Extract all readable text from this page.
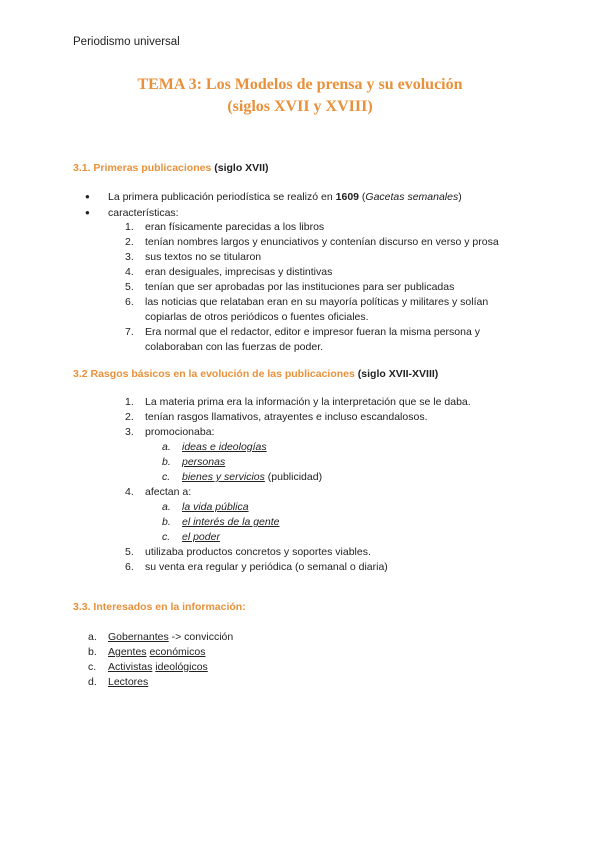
Periodismo universal
TEMA 3: Los Modelos de prensa y su evolución
(siglos XVII y XVIII)
3.1. Primeras publicaciones (siglo XVII)
● La primera publicación periodística se realizó en 1609 (Gacetas semanales)
● características:
1. eran físicamente parecidas a los libros
2. tenían nombres largos y enunciativos y contenían discurso en verso y prosa
3. sus textos no se titularon
4. eran desiguales, imprecisas y distintivas
5. tenían que ser aprobadas por las instituciones para ser publicadas
6. las noticias que relataban eran en su mayoría políticas y militares y solían
copiarlas de otros periódicos o fuentes oficiales.
7. Era normal que el redactor, editor e impresor fueran la misma persona y
colaboraban con las fuerzas de poder.
3.2 Rasgos básicos en la evolución de las publicaciones (siglo XVII-XVIII)
1. La materia prima era la información y la interpretación que se le daba.
2. tenían rasgos llamativos, atrayentes e incluso escandalosos.
3. promocionaba:
a. ideas e ideologías
b. personas
c. bienes y servicios (publicidad)
4. afectan a:
a. la vida pública
b. el interés de la gente
c. el poder
5. utilizaba productos concretos y soportes viables.
6. su venta era regular y periódica (o semanal o diaria)
3.3. Interesados en la información:
a. Gobernantes -> convicción
b. Agentes económicos
c. Activistas ideológicos
d. Lectores
